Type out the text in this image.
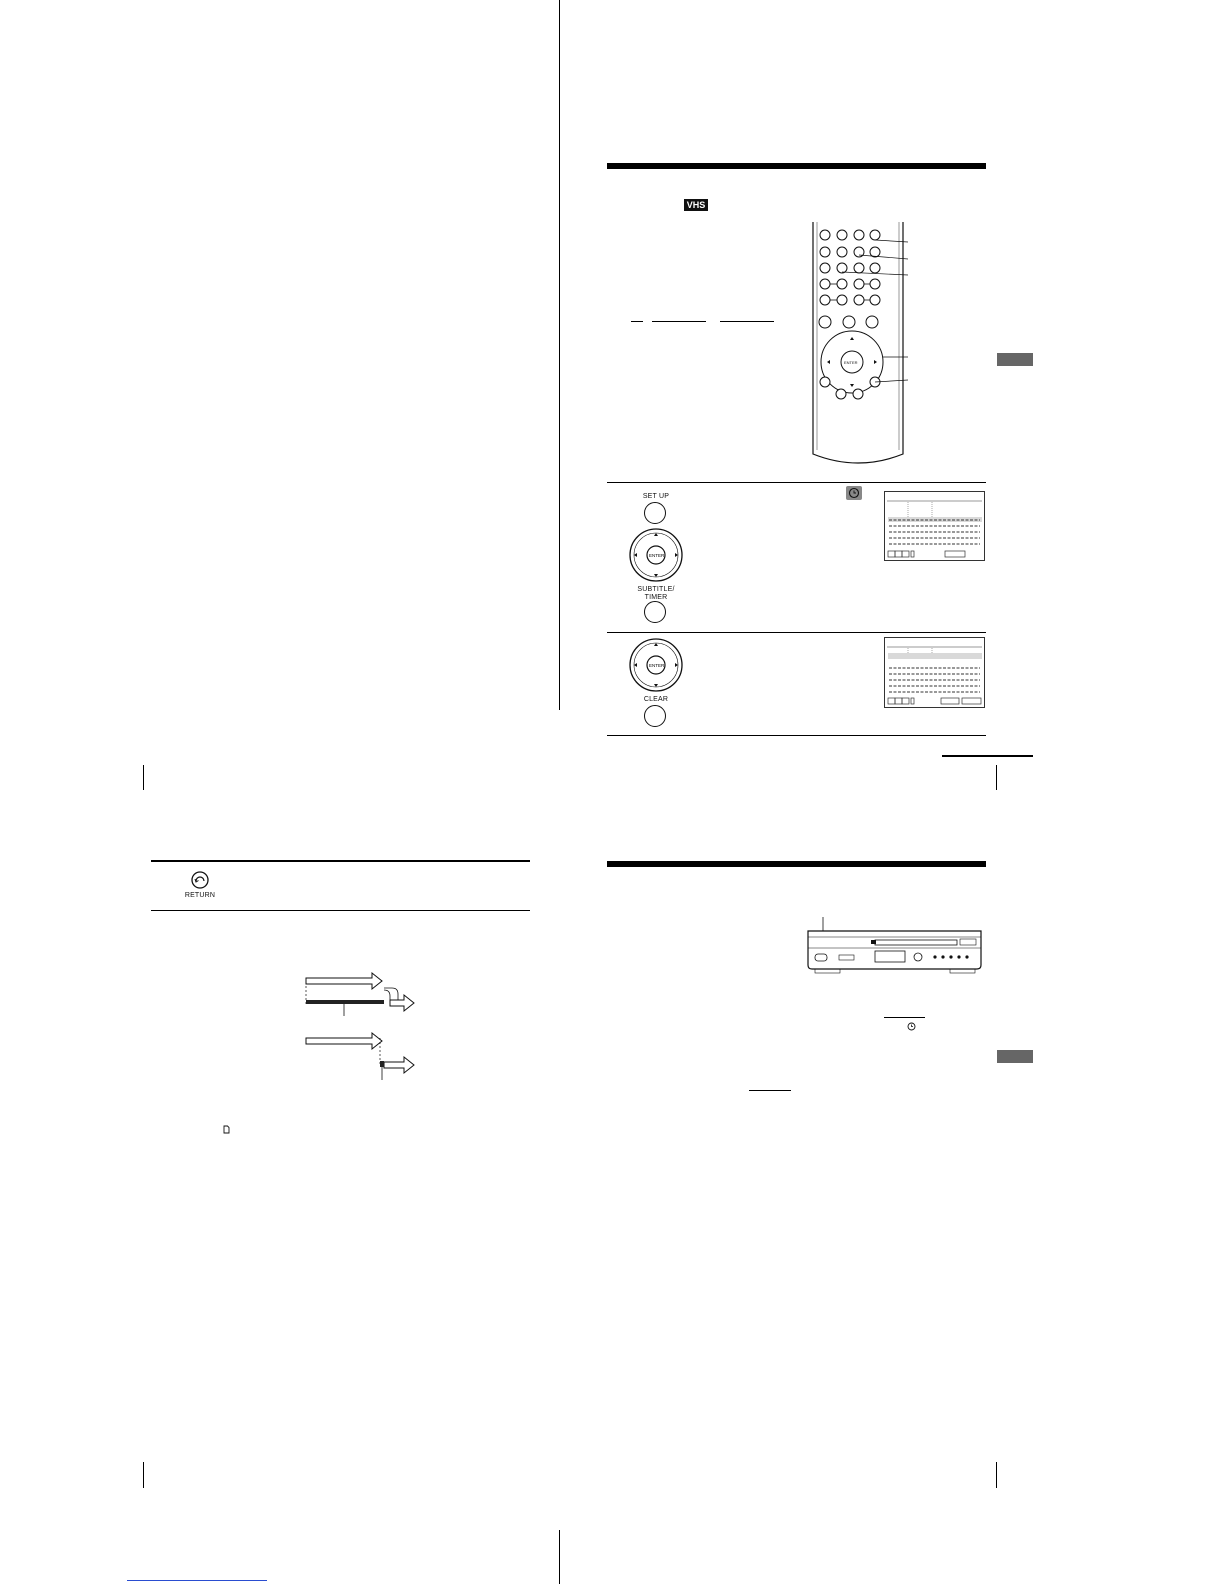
RETURN
VHS
ENTER
SET UP
ENTER
SUBTITLE/
TIMER
ENTER
CLEAR
